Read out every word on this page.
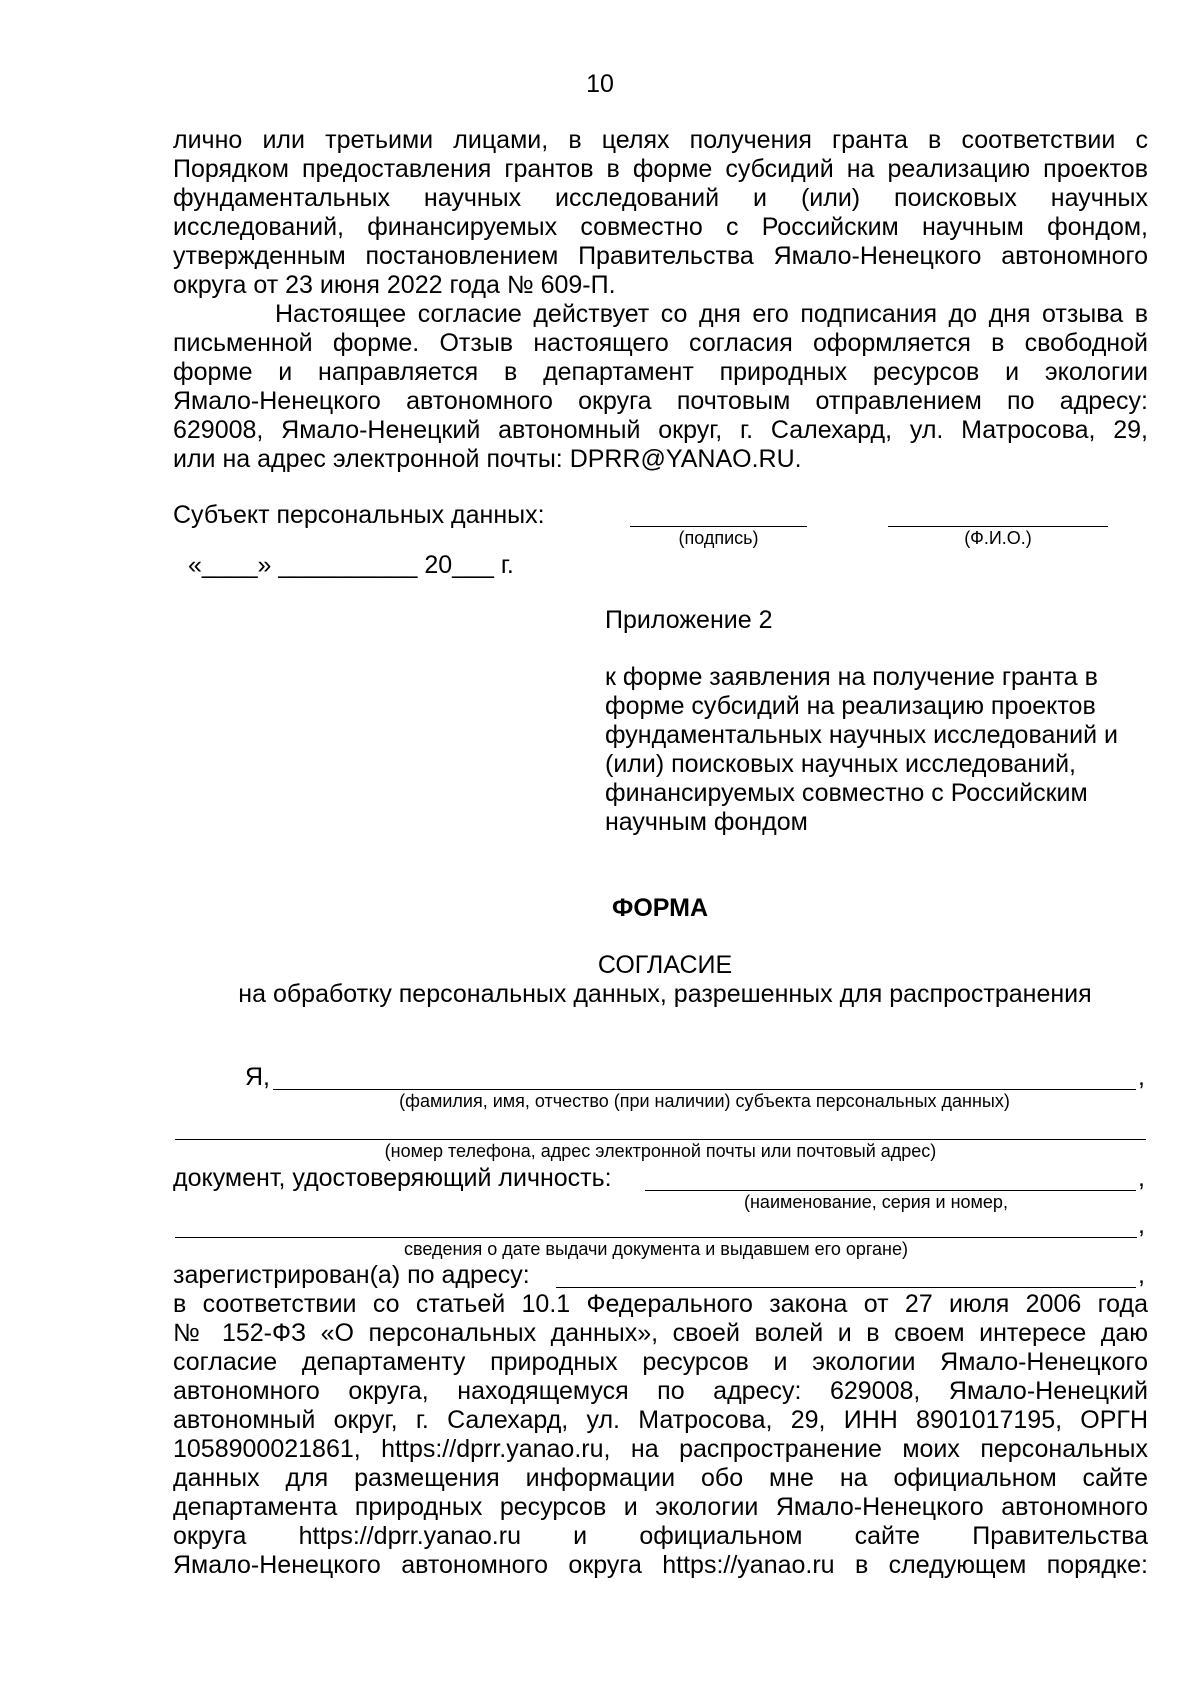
10
лично или третьими лицами, в целях получения гранта в соответствии с
Порядком предоставления грантов в форме субсидий на реализацию проектов
фундаментальных научных исследований и (или) поисковых научных
исследований, финансируемых совместно с Российским научным фондом,
утвержденным постановлением Правительства Ямало-Ненецкого автономного
округа от 23 июня 2022 года № 609-П.
Настоящее согласие действует со дня его подписания до дня отзыва в
письменной форме. Отзыв настоящего согласия оформляется в свободной
форме и направляется в департамент природных ресурсов и экологии
Ямало-Ненецкого автономного округа почтовым отправлением по адресу:
629008, Ямало-Ненецкий автономный округ, г. Салехард, ул. Матросова, 29,
или на адрес электронной почты: DPRR@YANAO.RU.
Субъект персональных данных:
(подпись)	(Ф.И.О.)
«____» __________ 20___ г.
Приложение 2
к форме заявления на получение гранта в
форме субсидий на реализацию проектов
фундаментальных научных исследований и
(или) поисковых научных исследований,
финансируемых совместно с Российским
научным фондом
ФОРМА
СОГЛАСИЕ
на обработку персональных данных, разрешенных для распространения
Я,	,
(фамилия, имя, отчество (при наличии) субъекта персональных данных)
(номер телефона, адрес электронной почты или почтовый адрес)
документ, удостоверяющий личность:	,
(наименование, серия и номер,
,
сведения о дате выдачи документа и выдавшем его органе)
зарегистрирован(а) по адресу:	,
в соответствии со статьей 10.1 Федерального закона от 27 июля 2006 года
№ 152-ФЗ «О персональных данных», своей волей и в своем интересе даю
согласие департаменту природных ресурсов и экологии Ямало-Ненецкого
автономного округа, находящемуся по адресу: 629008, Ямало-Ненецкий
автономный округ, г. Салехард, ул. Матросова, 29, ИНН 8901017195, ОРГН
1058900021861, https://dprr.yanao.ru, на распространение моих персональных
данных для размещения информации обо мне на официальном сайте
департамента природных ресурсов и экологии Ямало-Ненецкого автономного
округа https://dprr.yanao.ru и официальном сайте Правительства
Ямало-Ненецкого автономного округа https://yanao.ru в следующем порядке:
